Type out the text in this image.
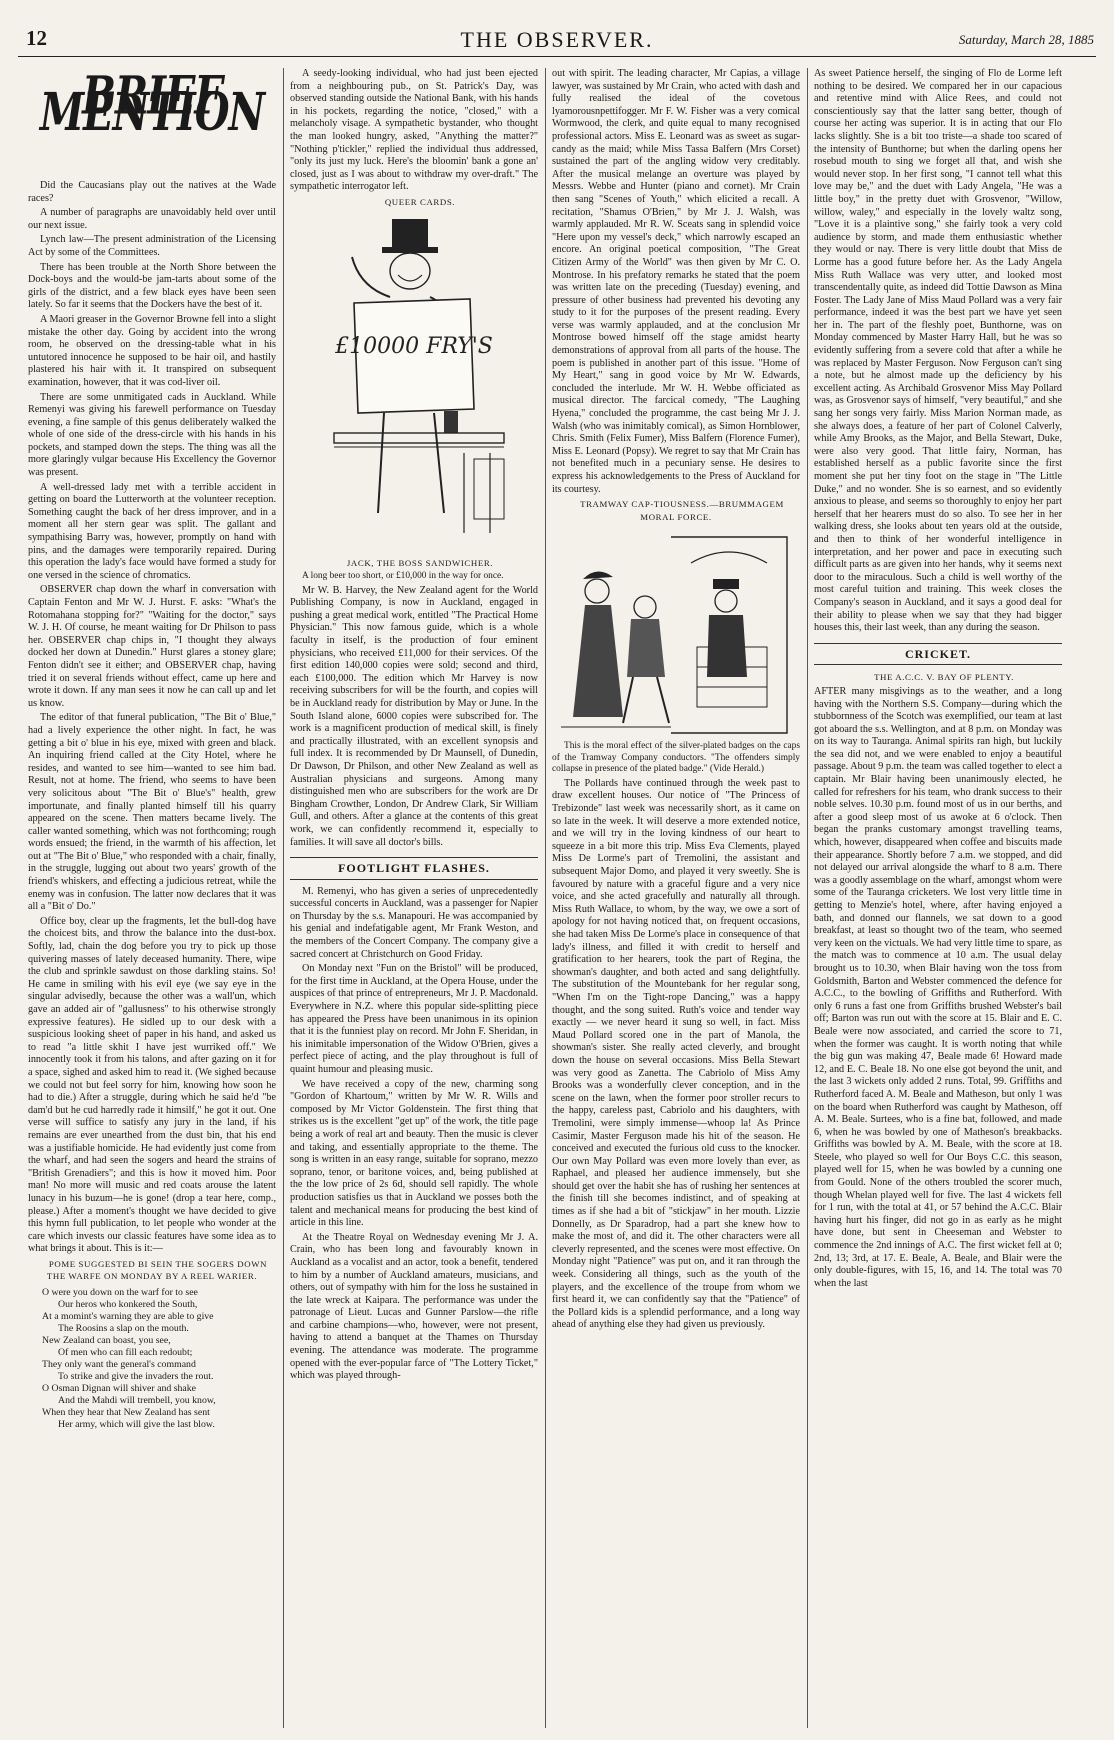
12	THE OBSERVER.	Saturday, March 28, 1885
BRIEF MENTION

Did the Caucasians play out the natives at the Wade races?

A number of paragraphs are unavoidably held over until our next issue.

Lynch law—The present administration of the Licensing Act by some of the Committees.

There has been trouble at the North Shore between the Dock-boys and the would-be jam-tarts about some of the girls of the district, and a few black eyes have been seen lately. So far it seems that the Dockers have the best of it.

A Maori greaser in the Governor Browne fell into a slight mistake the other day. Going by accident into the wrong room, he observed on the dressing-table what in his untutored innocence he supposed to be hair oil, and hastily plastered his hair with it. It transpired on subsequent examination, however, that it was cod-liver oil.

There are some unmitigated cads in Auckland. While Remenyi was giving his farewell performance on Tuesday evening, a fine sample of this genus deliberately walked the whole of one side of the dress-circle with his hands in his pockets, and stamped down the steps. The thing was all the more glaringly vulgar because His Excellency the Governor was present.

A well-dressed lady met with a terrible accident in getting on board the Lutterworth at the volunteer reception. Something caught the back of her dress improver, and in a moment all her stern gear was split. The gallant and sympathising Barry was, however, promptly on hand with pins, and the damages were temporarily repaired. During this operation the lady's face would have formed a study for one versed in the science of chromatics.

OBSERVER chap down the wharf in conversation with Captain Fenton and Mr W. J. Hurst. F. asks: "What's the Rotomahana stopping for?" "Waiting for the doctor," says W. J. H. Of course, he meant waiting for Dr Philson to pass her. OBSERVER chap chips in, "I thought they always docked her down at Dunedin." Hurst glares a stoney glare; Fenton didn't see it either; and OBSERVER chap, having tried it on several friends without effect, came up here and wrote it down. If any man sees it now he can call up and let us know.

The editor of that funeral publication, "The Bit o' Blue," had a lively experience the other night. In fact, he was getting a bit o' blue in his eye, mixed with green and black. An inquiring friend called at the City Hotel, where he resides, and wanted to see him—wanted to see him bad. Result, not at home. The friend, who seems to have been very solicitous about "The Bit o' Blue's" health, grew importunate, and finally planted himself till his quarry appeared on the scene. Then matters became lively. The caller wanted something, which was not forthcoming; rough words ensued; the friend, in the warmth of his affection, let out at "The Bit o' Blue," who responded with a chair, finally, in the struggle, lugging out about two years' growth of the friend's whiskers, and effecting a judicious retreat, while the enemy was in confusion. The latter now declares that it was all a "Bit o' Do."

Office boy, clear up the fragments, let the bull-dog have the choicest bits, and throw the balance into the dust-box. Softly, lad, chain the dog before you try to pick up those quivering masses of lately deceased humanity. There, wipe the club and sprinkle sawdust on those darkling stains. So! He came in smiling with his evil eye (we say eye in the singular advisedly, because the other was a wall'un, which gave an added air of "gallusness" to his otherwise strongly expressive features). He sidled up to our desk with a suspicious looking sheet of paper in his hand, and asked us to read "a little skhit I have jest wurriked off." We innocently took it from his talons, and after gazing on it for a space, sighed and asked him to read it. (We sighed because we could not but feel sorry for him, knowing how soon he had to die.) After a struggle, during which he said he'd "be dam'd but he cud harredly rade it himsilf," he got it out. One verse will suffice to satisfy any jury in the land, if his remains are ever unearthed from the dust bin, that his end was a justifiable homicide. He had evidently just come from the wharf, and had seen the sogers and heard the strains of "British Grenadiers"; and this is how it moved him. Poor man! No more will music and red coats arouse the latent lunacy in his buzum—he is gone! (drop a tear here, comp., please.) After a moment's thought we have decided to give this hymn full publication, to let people who wonder at the care which invests our classic features have some idea as to what brings it about. This is it:—

POME SUGGESTED BI SEIN THE SOGERS DOWN THE WARFE ON MONDAY BY A REEL WARIER.

O were you down on the warf for to see
Our heros who konkered the South,
At a momint's warning they are able to give
The Roosins a slap on the mouth.
New Zealand can boast, you see,
Of men who can fill each redoubt;
They only want the general's command
To strike and give the invaders the rout.
O Osman Dignan will shiver and shake
And the Mahdi will trembell, you know,
When they hear that New Zealand has sent
Her army, which will give the last blow.

A seedy-looking individual, who had just been ejected from a neighbouring pub., on St. Patrick's Day, was observed standing outside the National Bank, with his hands in his pockets, regarding the notice, "closed," with a melancholy visage. A sympathetic bystander, who thought the man looked hungry, asked, "Anything the matter?" "Nothing p'tickler," replied the individual thus addressed, "only its just my luck. Here's the bloomin' bank a gone an' closed, just as I was about to withdraw my over-draft." The sympathetic interrogator left.

QUEER CARDS.

£10000 FRY'S

JACK, THE BOSS SANDWICHER.

A long beer too short, or £10,000 in the way for once.

Mr W. B. Harvey, the New Zealand agent for the World Publishing Company, is now in Auckland, engaged in pushing a great medical work, entitled "The Practical Home Physician." This now famous guide, which is a whole faculty in itself, is the production of four eminent physicians, who received £11,000 for their services. Of the first edition 140,000 copies were sold; second and third, each £100,000. The edition which Mr Harvey is now receiving subscribers for will be the fourth, and copies will be in Auckland ready for distribution by May or June. In the South Island alone, 6000 copies were subscribed for. The work is a magnificent production of medical skill, is finely and practically illustrated, with an excellent synopsis and full index. It is recommended by Dr Maunsell, of Dunedin, Dr Dawson, Dr Philson, and other New Zealand as well as Australian physicians and surgeons. Among many distinguished men who are subscribers for the work are Dr Bingham Crowther, London, Dr Andrew Clark, Sir William Gull, and others. After a glance at the contents of this great work, we can confidently recommend it, especially to families. It will save all doctor's bills.

FOOTLIGHT FLASHES.

M. Remenyi, who has given a series of unprecedentedly successful concerts in Auckland, was a passenger for Napier on Thursday by the s.s. Manapouri. He was accompanied by his genial and indefatigable agent, Mr Frank Weston, and the members of the Concert Company. The company give a sacred concert at Christchurch on Good Friday.

On Monday next "Fun on the Bristol" will be produced, for the first time in Auckland, at the Opera House, under the auspices of that prince of entrepreneurs, Mr J. P. Macdonald. Everywhere in N.Z. where this popular side-splitting piece has appeared the Press have been unanimous in its opinion that it is the funniest play on record. Mr John F. Sheridan, in his inimitable impersonation of the Widow O'Brien, gives a perfect piece of acting, and the play throughout is full of quaint humour and pleasing music.

We have received a copy of the new, charming song "Gordon of Khartoum," written by Mr W. R. Wills and composed by Mr Victor Goldenstein. The first thing that strikes us is the excellent "get up" of the work, the title page being a work of real art and beauty. Then the music is clever and taking, and essentially appropriate to the theme. The song is written in an easy range, suitable for soprano, mezzo soprano, tenor, or baritone voices, and, being published at the the low price of 2s 6d, should sell rapidly. The whole production satisfies us that in Auckland we posses both the talent and mechanical means for producing the best kind of article in this line.

At the Theatre Royal on Wednesday evening Mr J. A. Crain, who has been long and favourably known in Auckland as a vocalist and an actor, took a benefit, tendered to him by a number of Auckland amateurs, musicians, and others, out of sympathy with him for the loss he sustained in the late wreck at Kaipara. The performance was under the patronage of Lieut. Lucas and Gunner Parslow—the rifle and carbine champions—who, however, were not present, having to attend a banquet at the Thames on Thursday evening. The attendance was moderate. The programme opened with the ever-popular farce of "The Lottery Ticket," which was played through-

out with spirit. The leading character, Mr Capias, a village lawyer, was sustained by Mr Crain, who acted with dash and fully realised the ideal of the covetous lyamorousnpettifogger. Mr F. W. Fisher was a very comical Wormwood, the clerk, and quite equal to many recognised professional actors. Miss E. Leonard was as sweet as sugar-candy as the maid; while Miss Tassa Balfern (Mrs Corset) sustained the part of the angling widow very creditably. After the musical melange an overture was played by Messrs. Webbe and Hunter (piano and cornet). Mr Crain then sang "Scenes of Youth," which elicited a recall. A recitation, "Shamus O'Brien," by Mr J. J. Walsh, was warmly applauded. Mr R. W. Sceats sang in splendid voice "Here upon my vessel's deck," which narrowly escaped an encore. An original poetical composition, "The Great Citizen Army of the World" was then given by Mr C. O. Montrose. In his prefatory remarks he stated that the poem was written late on the preceding (Tuesday) evening, and pressure of other business had prevented his devoting any study to it for the purposes of the present reading. Every verse was warmly applauded, and at the conclusion Mr Montrose bowed himself off the stage amidst hearty demonstrations of approval from all parts of the house. The poem is published in another part of this issue. "Home of My Heart," sang in good voice by Mr W. Edwards, concluded the interlude. Mr W. H. Webbe officiated as musical director. The farcical comedy, "The Laughing Hyena," concluded the programme, the cast being Mr J. J. Walsh (who was inimitably comical), as Simon Hornblower, Chris. Smith (Felix Fumer), Miss Balfern (Florence Fumer), Miss E. Leonard (Popsy). We regret to say that Mr Crain has not benefited much in a pecuniary sense. He desires to express his acknowledgements to the Press of Auckland for its courtesy.

TRAMWAY CAP-TIOUSNESS.—BRUMMAGEM MORAL FORCE.

This is the moral effect of the silver-plated badges on the caps of the Tramway Company conductors. "The offenders simply collapse in presence of the plated badge." (Vide Herald.)

The Pollards have continued through the week past to draw excellent houses. Our notice of "The Princess of Trebizonde" last week was necessarily short, as it came on so late in the week. It will deserve a more extended notice, and we will try in the loving kindness of our heart to squeeze in a bit more this trip. Miss Eva Clements, played Miss De Lorme's part of Tremolini, the assistant and subsequent Major Domo, and played it very sweetly. She is favoured by nature with a graceful figure and a very nice voice, and she acted gracefully and naturally all through. Miss Ruth Wallace, to whom, by the way, we owe a sort of apology for not having noticed that, on frequent occasions, she had taken Miss De Lorme's place in consequence of that lady's illness, and filled it with credit to herself and gratification to her hearers, took the part of Regina, the showman's daughter, and both acted and sang delightfully. The substitution of the Mountebank for her regular song, "When I'm on the Tight-rope Dancing," was a happy thought, and the song suited. Ruth's voice and tender way exactly — we never heard it sung so well, in fact. Miss Maud Pollard scored one in the part of Manola, the showman's sister. She really acted cleverly, and brought down the house on several occasions. Miss Bella Stewart was very good as Zanetta. The Cabriolo of Miss Amy Brooks was a wonderfully clever conception, and in the scene on the lawn, when the former poor stroller recurs to the happy, careless past, Cabriolo and his daughters, with Tremolini, were simply immense—whoop la! As Prince Casimir, Master Ferguson made his hit of the season. He conceived and executed the furious old cuss to the knocker. Our own May Pollard was even more lovely than ever, as Raphael, and pleased her audience immensely, but she should get over the habit she has of rushing her sentences at the finish till she becomes indistinct, and of speaking at times as if she had a bit of "stickjaw" in her mouth. Lizzie Donnelly, as Dr Sparadrop, had a part she knew how to make the most of, and did it. The other characters were all cleverly represented, and the scenes were most effective. On Monday night "Patience" was put on, and it ran through the week. Considering all things, such as the youth of the players, and the excellence of the troupe from whom we first heard it, we can confidently say that the "Patience" of the Pollard kids is a splendid performance, and a long way ahead of anything else they had given us previously.

As sweet Patience herself, the singing of Flo de Lorme left nothing to be desired. We compared her in our capacious and retentive mind with Alice Rees, and could not conscientiously say that the latter sang better, though of course her acting was superior. It is in acting that our Flo lacks slightly. She is a bit too triste—a shade too scared of the intensity of Bunthorne; but when the darling opens her rosebud mouth to sing we forget all that, and wish she would never stop. In her first song, "I cannot tell what this love may be," and the duet with Lady Angela, "He was a little boy," in the pretty duet with Grosvenor, "Willow, willow, waley," and especially in the lovely waltz song, "Love it is a plaintive song," she fairly took a very cold audience by storm, and made them enthusiastic whether they would or nay. There is very little doubt that Miss de Lorme has a good future before her. As the Lady Angela Miss Ruth Wallace was very utter, and looked most transcendentally quite, as indeed did Tottie Dawson as Mina Foster. The Lady Jane of Miss Maud Pollard was a very fair performance, indeed it was the best part we have yet seen her in. The part of the fleshly poet, Bunthorne, was on Monday commenced by Master Harry Hall, but he was so evidently suffering from a severe cold that after a while he was replaced by Master Ferguson. Now Ferguson can't sing a note, but he almost made up the deficiency by his excellent acting. As Archibald Grosvenor Miss May Pollard was, as Grosvenor says of himself, "very beautiful," and she sang her songs very fairly. Miss Marion Norman made, as she always does, a feature of her part of Colonel Calverly, while Amy Brooks, as the Major, and Bella Stewart, Duke, were also very good. That little fairy, Norman, has established herself as a public favorite since the first moment she put her tiny foot on the stage in "The Little Duke," and no wonder. She is so earnest, and so evidently anxious to please, and seems so thoroughly to enjoy her part herself that her hearers must do so also. To see her in her walking dress, she looks about ten years old at the outside, and then to think of her wonderful intelligence in interpretation, and her power and pace in executing such difficult parts as are given into her hands, why it seems next door to the miraculous. Such a child is well worthy of the most careful tuition and training. This week closes the Company's season in Auckland, and it says a good deal for their ability to please when we say that they had bigger houses this, their last week, than any during the season.

CRICKET.

THE A.C.C. V. BAY OF PLENTY.

AFTER many misgivings as to the weather, and a long having with the Northern S.S. Company—during which the stubbornness of the Scotch was exemplified, our team at last got aboard the s.s. Wellington, and at 8 p.m. on Monday was on its way to Tauranga. Animal spirits ran high, but luckily the sea did not, and we were enabled to enjoy a beautiful passage. About 9 p.m. the team was called together to elect a captain. Mr Blair having been unanimously elected, he called for refreshers for his team, who drank success to their noble selves. 10.30 p.m. found most of us in our berths, and after a good sleep most of us awoke at 6 o'clock. Then began the pranks customary amongst travelling teams, which, however, disappeared when coffee and biscuits made their appearance. Shortly before 7 a.m. we stopped, and did not delayed our arrival alongside the wharf to 8 a.m. There was a goodly assemblage on the wharf, amongst whom were some of the Tauranga cricketers. We lost very little time in getting to Menzie's hotel, where, after having enjoyed a bath, and donned our flannels, we sat down to a good breakfast, at least so thought two of the team, who seemed very keen on the victuals. We had very little time to spare, as the match was to commence at 10 a.m. The usual delay brought us to 10.30, when Blair having won the toss from Goldsmith, Barton and Webster commenced the defence for A.C.C., to the bowling of Griffiths and Rutherford. With only 6 runs a fast one from Griffiths brushed Webster's bail off; Barton was run out with the score at 15. Blair and E. C. Beale were now associated, and carried the score to 71, when the former was caught. It is worth noting that while the big gun was making 47, Beale made 6! Howard made 12, and E. C. Beale 18. No one else got beyond the unit, and the last 3 wickets only added 2 runs. Total, 99. Griffiths and Rutherford faced A. M. Beale and Matheson, but only 1 was on the board when Rutherford was caught by Matheson, off A. M. Beale. Surtees, who is a fine bat, followed, and made 6, when he was bowled by one of Matheson's breakbacks. Griffiths was bowled by A. M. Beale, with the score at 18. Steele, who played so well for Our Boys C.C. this season, played well for 15, when he was bowled by a cunning one from Gould. None of the others troubled the scorer much, though Whelan played well for five. The last 4 wickets fell for 1 run, with the total at 41, or 57 behind the A.C.C. Blair having hurt his finger, did not go in as early as he might have done, but sent in Cheeseman and Webster to commence the 2nd innings of A.C. The first wicket fell at 0; 2nd, 13; 3rd, at 17. E. Beale, A. Beale, and Blair were the only double-figures, with 15, 16, and 14. The total was 70 when the last
